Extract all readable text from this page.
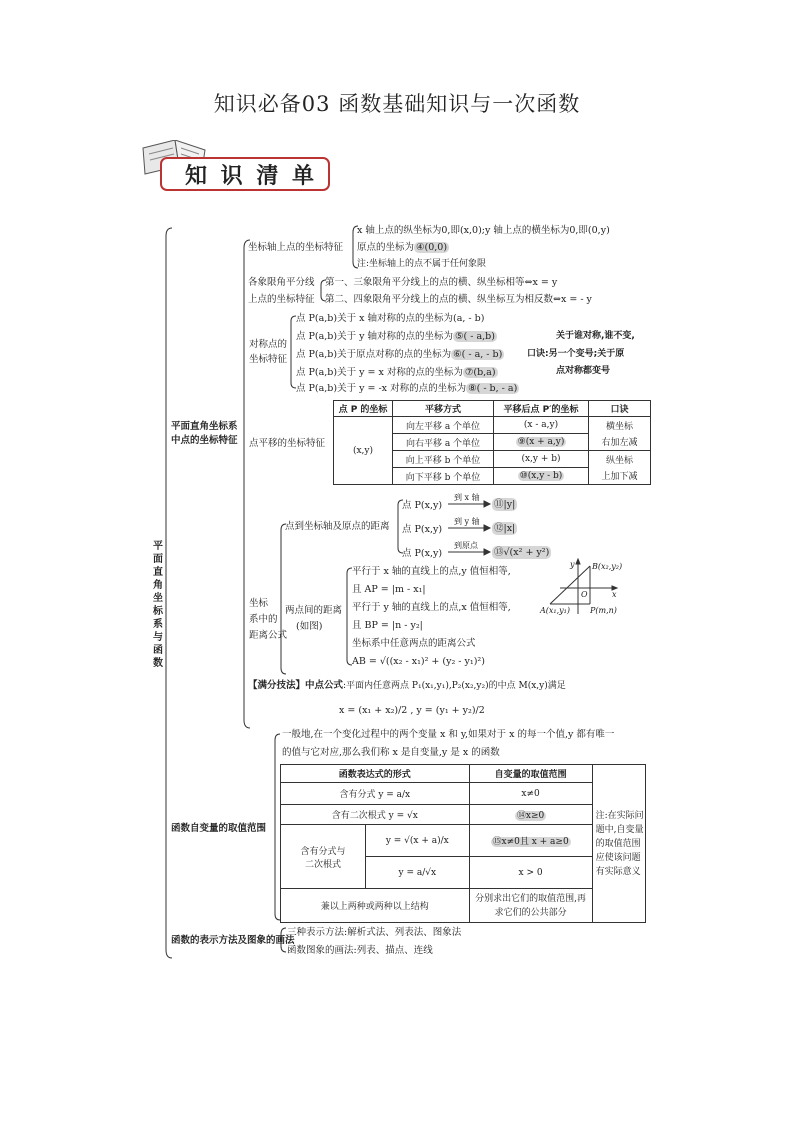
知识必备03 函数基础知识与一次函数
知 识 清 单
平面直角坐标系与函数
平面直角坐标系
中点的坐标特征
坐标轴上点的坐标特征
x 轴上点的纵坐标为0,即(x,0);y 轴上点的横坐标为0,即(0,y)
原点的坐标为 ④(0,0)
注:坐标轴上的点不属于任何象限
各象限角平分线
上点的坐标特征
第一、三象限角平分线上的点的横、纵坐标相等⇔x = y
第二、四象限角平分线上的点的横、纵坐标互为相反数⇔x = - y
对称点的
坐标特征
点 P(a,b)关于 x 轴对称的点的坐标为(a, - b)
点 P(a,b)关于 y 轴对称的点的坐标为 ⑤( - a,b)
点 P(a,b)关于原点对称的点的坐标为 ⑥( - a, - b)
点 P(a,b)关于 y = x 对称的点的坐标为 ⑦(b,a)
点 P(a,b)关于 y = -x 对称的点的坐标为 ⑧( - b, - a)
关于谁对称,谁不变,
口诀:另一个变号;关于原
点对称都变号
点平移的坐标特征
点 P 的坐标	平移方式	平移后点 P′的坐标	口诀
(x,y)	向左平移 a 个单位	(x - a,y)	横坐标
	向右平移 a 个单位	⑨(x + a,y)	右加左减
	向上平移 b 个单位	(x,y + b)	纵坐标
	向下平移 b 个单位	⑩(x,y - b)	上加下减
坐标
系中的
距离公式
点到坐标轴及原点的距离
点 P(x,y)
点 P(x,y)
点 P(x,y)
到 x 轴
到 y 轴
到原点
⑪|y|
⑫|x|
⑬√(x² + y²)
两点间的距离
(如图)
平行于 x 轴的直线上的点,y 值恒相等,
且 AP = |m - x₁|
平行于 y 轴的直线上的点,x 值恒相等,
且 BP = |n - y₂|
坐标系中任意两点的距离公式
AB = √((x₂ - x₁)² + (y₂ - y₁)²)
y
x
O
B(x₂,y₂)
A(x₁,y₁) P(m,n)
【满分技法】中点公式:平面内任意两点 P₁(x₁,y₁),P₂(x₂,y₂)的中点 M(x,y)满足
x = (x₁ + x₂)/2 , y = (y₁ + y₂)/2
函数自变量的取值范围
一般地,在一个变化过程中的两个变量 x 和 y,如果对于 x 的每一个值,y 都有唯一
的值与它对应,那么我们称 x 是自变量,y 是 x 的函数
函数表达式的形式		自变量的取值范围	注:在实际问
题中,自变量
的取值范围
应使该问题
有实际意义

含有分式 y = a/x		x≠0	
含有二次根式 y = √x		⑭x≥0	

含有分式与
二次根式	y = √(x + a)/x	⑮x≠0且 x + a≥0	
	y = a/√x	x > 0	
兼以上两种或两种以上结构		分别求出它们的取值范围,再求它们的公共部分	
函数的表示方法及图象的画法
三种表示方法:解析式法、列表法、图象法
函数图象的画法:列表、描点、连线
